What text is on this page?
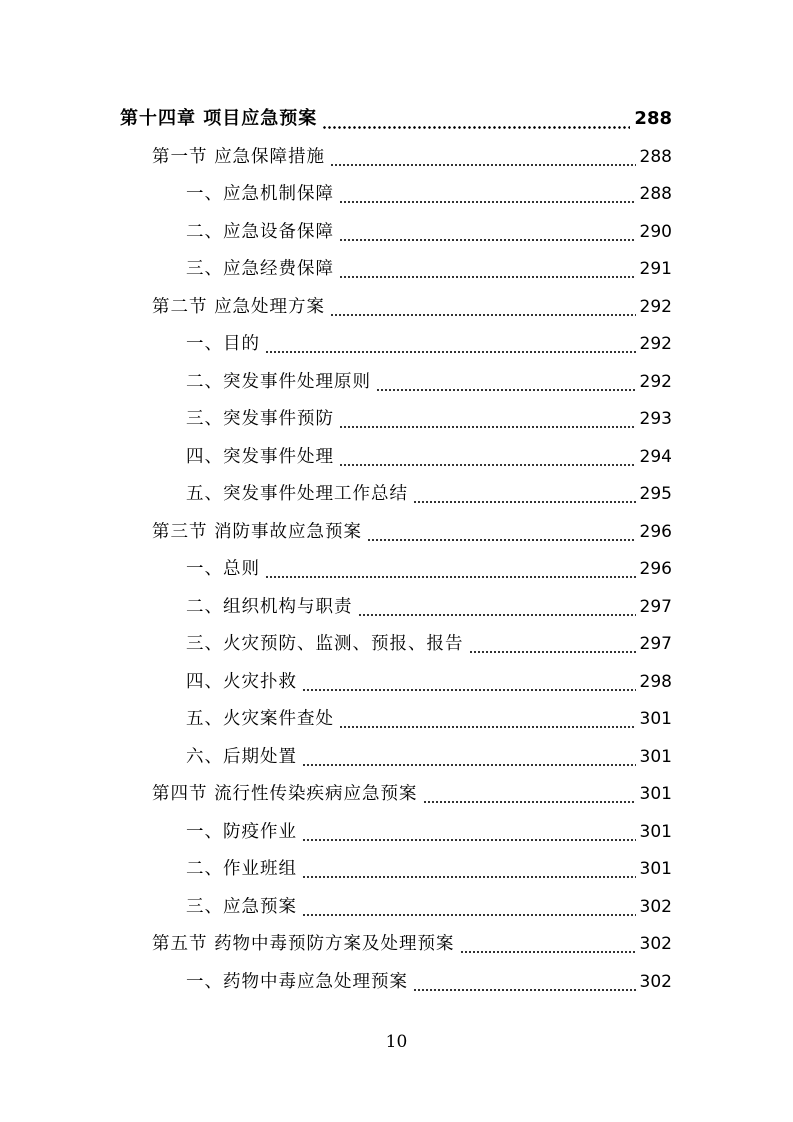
第十四章 项目应急预案	288
第一节 应急保障措施	288
一、应急机制保障	288
二、应急设备保障	290
三、应急经费保障	291
第二节 应急处理方案	292
一、目的	292
二、突发事件处理原则	292
三、突发事件预防	293
四、突发事件处理	294
五、突发事件处理工作总结	295
第三节 消防事故应急预案	296
一、总则	296
二、组织机构与职责	297
三、火灾预防、监测、预报、报告	297
四、火灾扑救	298
五、火灾案件查处	301
六、后期处置	301
第四节 流行性传染疾病应急预案	301
一、防疫作业	301
二、作业班组	301
三、应急预案	302
第五节 药物中毒预防方案及处理预案	302
一、药物中毒应急处理预案	302
10
